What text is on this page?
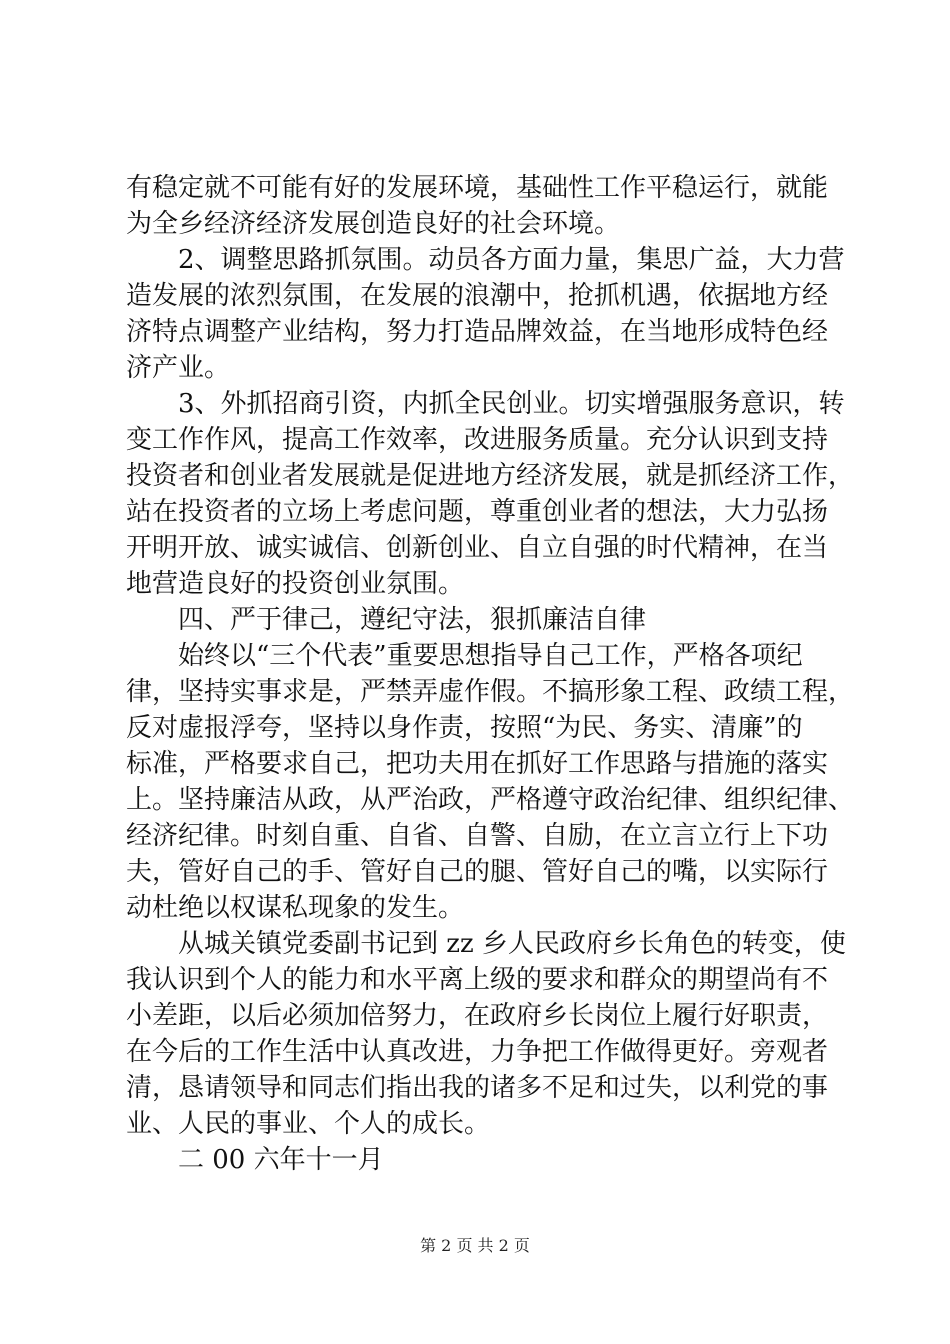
有稳定就不可能有好的发展环境，基础性工作平稳运行，就能
为全乡经济经济发展创造良好的社会环境。
2、调整思路抓氛围。动员各方面力量，集思广益，大力营
造发展的浓烈氛围，在发展的浪潮中，抢抓机遇，依据地方经
济特点调整产业结构，努力打造品牌效益，在当地形成特色经
济产业。
3、外抓招商引资，内抓全民创业。切实增强服务意识，转
变工作作风，提高工作效率，改进服务质量。充分认识到支持
投资者和创业者发展就是促进地方经济发展，就是抓经济工作，
站在投资者的立场上考虑问题，尊重创业者的想法，大力弘扬
开明开放、诚实诚信、创新创业、自立自强的时代精神，在当
地营造良好的投资创业氛围。
四、严于律己，遵纪守法，狠抓廉洁自律
始终以“三个代表”重要思想指导自己工作，严格各项纪
律，坚持实事求是，严禁弄虚作假。不搞形象工程、政绩工程，
反对虚报浮夸，坚持以身作责，按照“为民、务实、清廉”的
标准，严格要求自己，把功夫用在抓好工作思路与措施的落实
上。坚持廉洁从政，从严治政，严格遵守政治纪律、组织纪律、
经济纪律。时刻自重、自省、自警、自励，在立言立行上下功
夫，管好自己的手、管好自己的腿、管好自己的嘴，以实际行
动杜绝以权谋私现象的发生。
从城关镇党委副书记到 zz 乡人民政府乡长角色的转变，使
我认识到个人的能力和水平离上级的要求和群众的期望尚有不
小差距，以后必须加倍努力，在政府乡长岗位上履行好职责，
在今后的工作生活中认真改进，力争把工作做得更好。旁观者
清，恳请领导和同志们指出我的诸多不足和过失，以利党的事
业、人民的事业、个人的成长。
二 00 六年十一月
第 2 页 共 2 页
